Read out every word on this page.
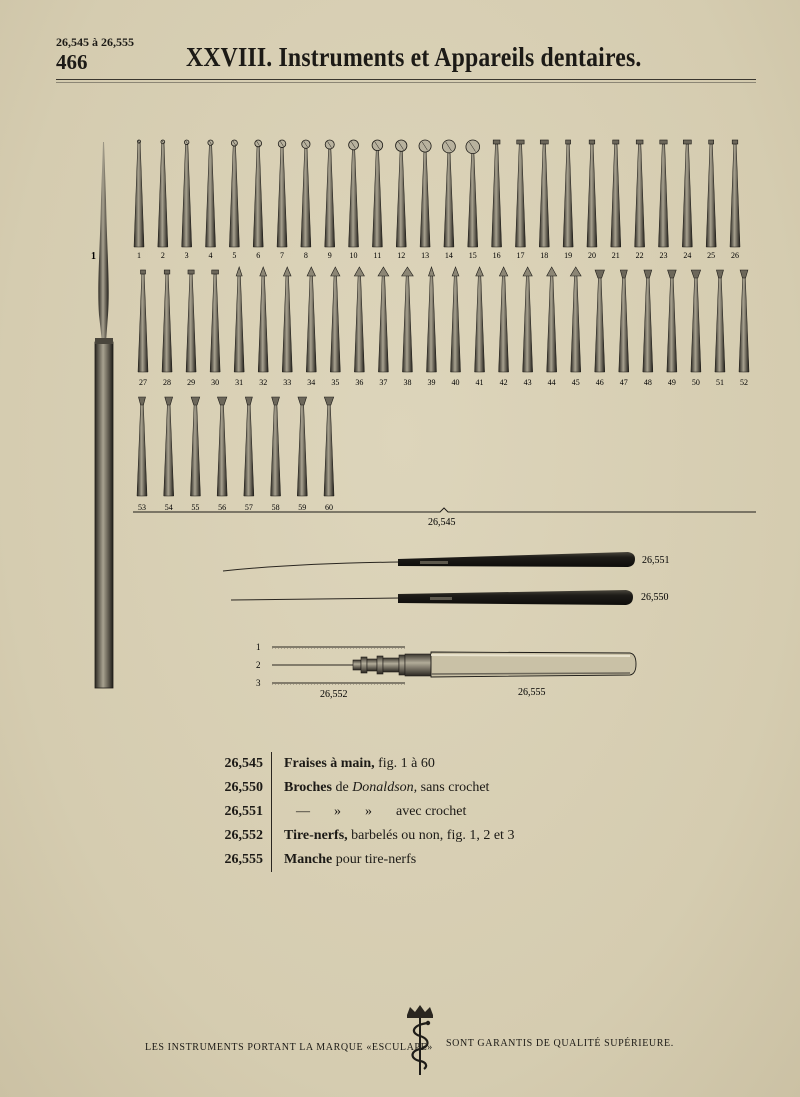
26,545 à 26,555
466	XXVIII. Instruments et Appareils dentaires.
1	1 2 3 4 5 6 7 8 9 10 11 12 13 14 15 16 17 18 19 20 21 22 23 24 25 26
27 28 29 30 31 32 33 34 35 36 37 38 39 40 41 42 43 44 45 46 47 48 49 50 51 52
53 54 55 56 57 58 59 60
26,545
26,551
26,550
1
2
3
26,552	26,555
26,545	Fraises à main, fig. 1 à 60
26,550	Broches de Donaldson, sans crochet
26,551	— » » avec crochet
26,552	Tire-nerfs, barbelés ou non, fig. 1, 2 et 3
26,555	Manche pour tire-nerfs
LES INSTRUMENTS PORTANT LA MARQUE «ESCULAPE» SONT GARANTIS DE QUALITÉ SUPÉRIEURE.
